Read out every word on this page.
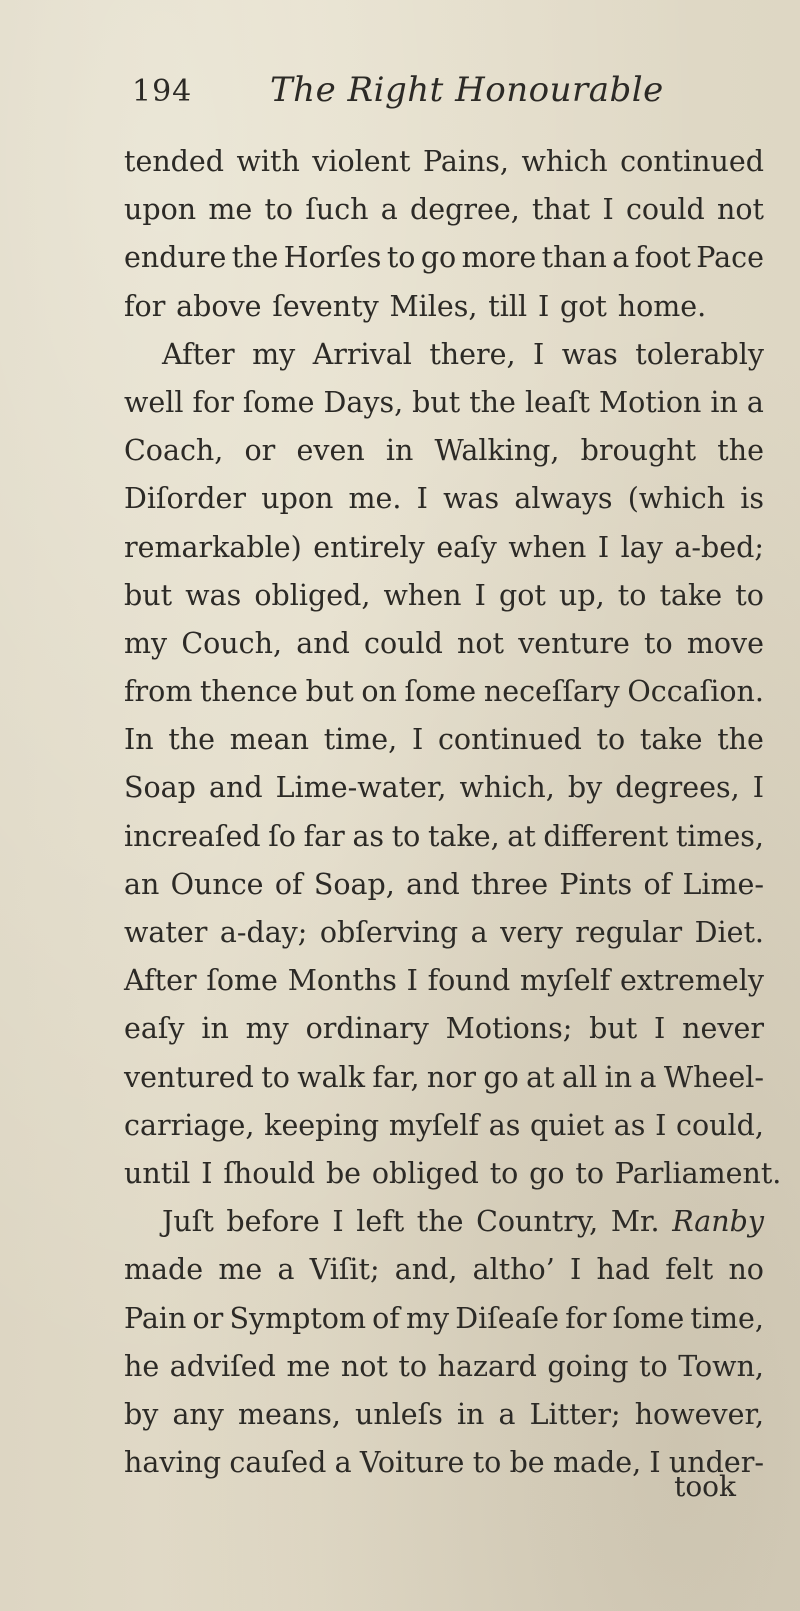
194 The Right Honourable
tended with violent Pains, which continued
upon me to ſuch a degree, that I could not
endure the Horſes to go more than a foot Pace
for above ſeventy Miles, till I got home.
After my Arrival there, I was tolerably
well for ſome Days, but the leaſt Motion in a
Coach, or even in Walking, brought the
Diſorder upon me. I was always (which is
remarkable) entirely eaſy when I lay a-bed;
but was obliged, when I got up, to take to
my Couch, and could not venture to move
from thence but on ſome neceſſary Occaſion.
In the mean time, I continued to take the
Soap and Lime-water, which, by degrees, I
increaſed ſo far as to take, at different times,
an Ounce of Soap, and three Pints of Lime-
water a-day; obſerving a very regular Diet.
After ſome Months I found myſelf extremely
eaſy in my ordinary Motions; but I never
ventured to walk far, nor go at all in a Wheel-
carriage, keeping myſelf as quiet as I could,
until I ſhould be obliged to go to Parliament.
Juſt before I left the Country, Mr. Ranby
made me a Viſit; and, altho’ I had felt no
Pain or Symptom of my Diſeaſe for ſome time,
he adviſed me not to hazard going to Town,
by any means, unleſs in a Litter; however,
having cauſed a Voiture to be made, I under-
took
